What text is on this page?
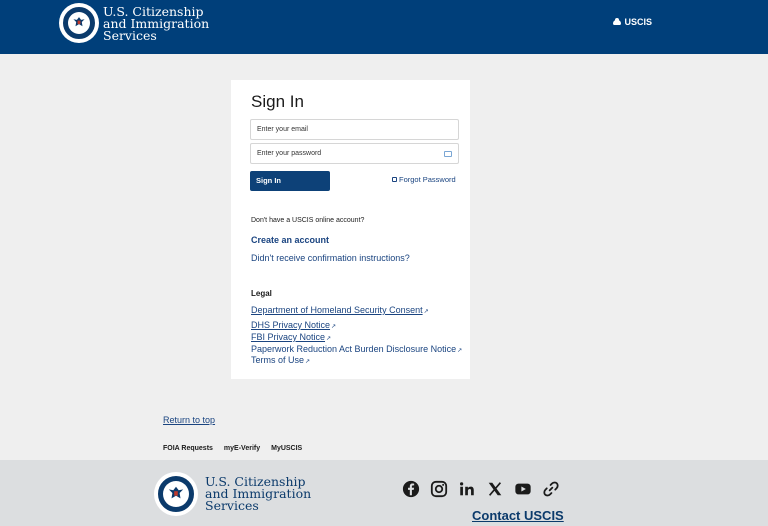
U.S. Citizenship
and Immigration
Services
USCIS
Sign In
Enter your email
Enter your password
Sign In	Forgot Password
Don't have a USCIS online account?
Create an account
Didn't receive confirmation instructions?
Legal
Department of Homeland Security Consent↗
DHS Privacy Notice↗
FBI Privacy Notice↗
Paperwork Reduction Act Burden Disclosure Notice↗
Terms of Use↗
Return to top
FOIA Requests myE-Verify MyUSCIS
U.S. Citizenship
and Immigration
Services
Contact USCIS
